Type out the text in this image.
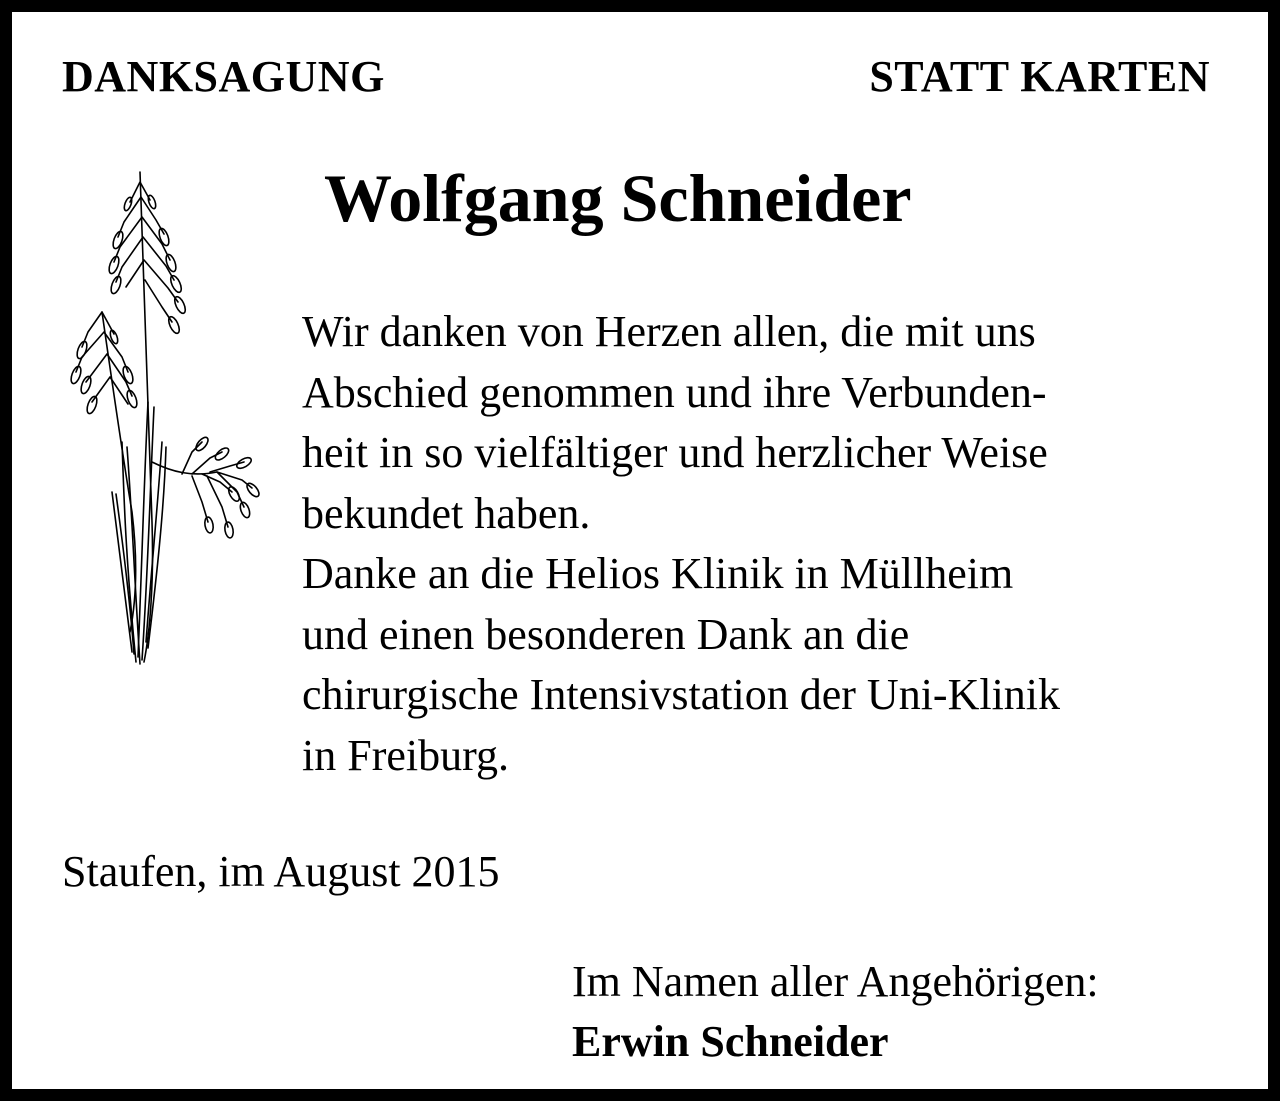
DANKSAGUNG	STATT KARTEN
Wolfgang Schneider
Wir danken von Herzen allen, die mit uns
Abschied genommen und ihre Verbunden-
heit in so vielfältiger und herzlicher Weise
bekundet haben.
Danke an die Helios Klinik in Müllheim
und einen besonderen Dank an die
chirurgische Intensivstation der Uni-Klinik
in Freiburg.
Staufen, im August 2015
Im Namen aller Angehörigen:
Erwin Schneider
